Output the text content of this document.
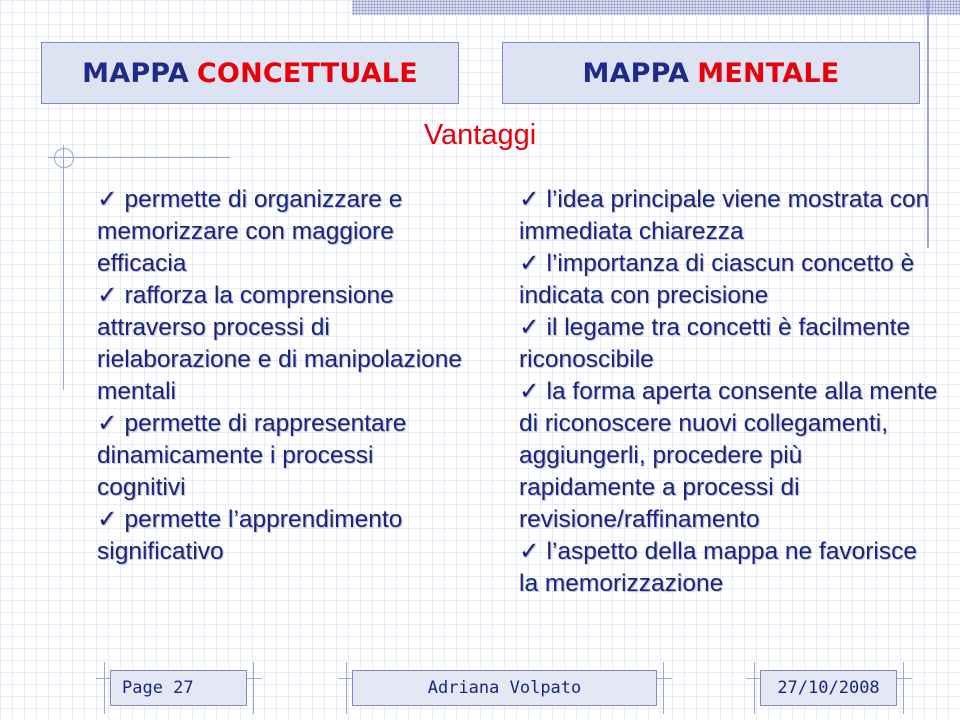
MAPPA CONCETTUALE	MAPPA MENTALE
Vantaggi

✓ permette di organizzare e memorizzare con maggiore efficacia

✓ rafforza la comprensione attraverso processi di rielaborazione e di manipolazione mentali

✓ permette di rappresentare dinamicamente i processi cognitivi

✓ permette l’apprendimento significativo

✓ l’idea principale viene mostrata con immediata chiarezza

✓ l’importanza di ciascun concetto è indicata con precisione

✓ il legame tra concetti è facilmente riconoscibile

✓ la forma aperta consente alla mente di riconoscere nuovi collegamenti, aggiungerli, procedere più rapidamente a processi di revisione/raffinamento

✓ l’aspetto della mappa ne favorisce la memorizzazione

Page 27	Adriana Volpato	27/10/2008
